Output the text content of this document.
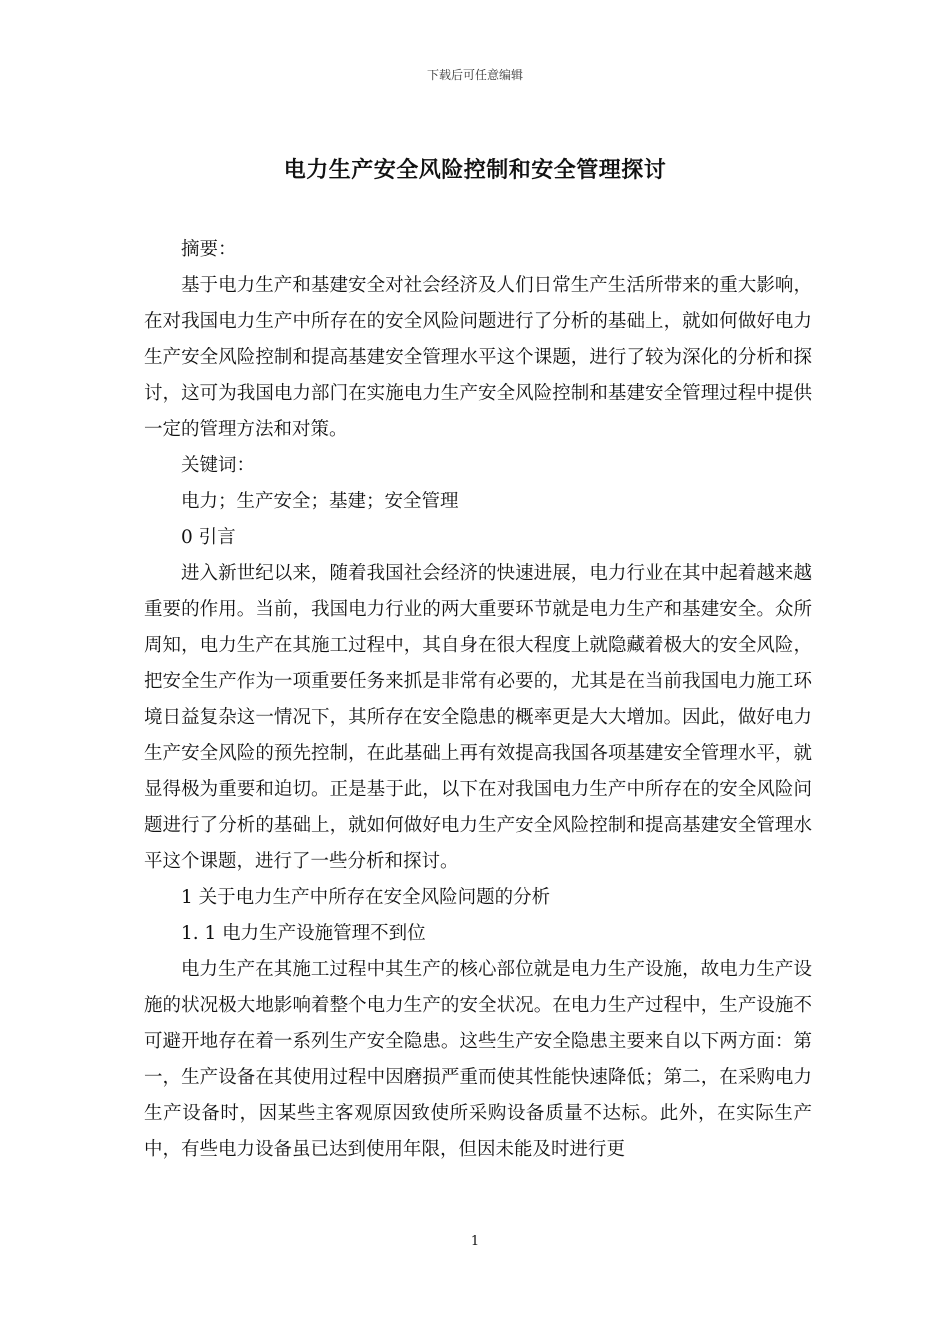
下载后可任意编辑
电力生产安全风险控制和安全管理探讨

摘要：

基于电力生产和基建安全对社会经济及人们日常生产生活所带来的重大影响，在对我国电力生产中所存在的安全风险问题进行了分析的基础上，就如何做好电力生产安全风险控制和提高基建安全管理水平这个课题，进行了较为深化的分析和探讨，这可为我国电力部门在实施电力生产安全风险控制和基建安全管理过程中提供一定的管理方法和对策。

关键词：

电力；生产安全；基建；安全管理

0 引言

进入新世纪以来，随着我国社会经济的快速进展，电力行业在其中起着越来越重要的作用。当前，我国电力行业的两大重要环节就是电力生产和基建安全。众所周知，电力生产在其施工过程中，其自身在很大程度上就隐藏着极大的安全风险，把安全生产作为一项重要任务来抓是非常有必要的，尤其是在当前我国电力施工环境日益复杂这一情况下，其所存在安全隐患的概率更是大大增加。因此，做好电力生产安全风险的预先控制，在此基础上再有效提高我国各项基建安全管理水平，就显得极为重要和迫切。正是基于此，以下在对我国电力生产中所存在的安全风险问题进行了分析的基础上，就如何做好电力生产安全风险控制和提高基建安全管理水平这个课题，进行了一些分析和探讨。

1 关于电力生产中所存在安全风险问题的分析

1. 1 电力生产设施管理不到位

电力生产在其施工过程中其生产的核心部位就是电力生产设施，故电力生产设施的状况极大地影响着整个电力生产的安全状况。在电力生产过程中，生产设施不可避开地存在着一系列生产安全隐患。这些生产安全隐患主要来自以下两方面：第一，生产设备在其使用过程中因磨损严重而使其性能快速降低；第二，在采购电力生产设备时，因某些主客观原因致使所采购设备质量不达标。此外，在实际生产中，有些电力设备虽已达到使用年限，但因未能及时进行更

1
